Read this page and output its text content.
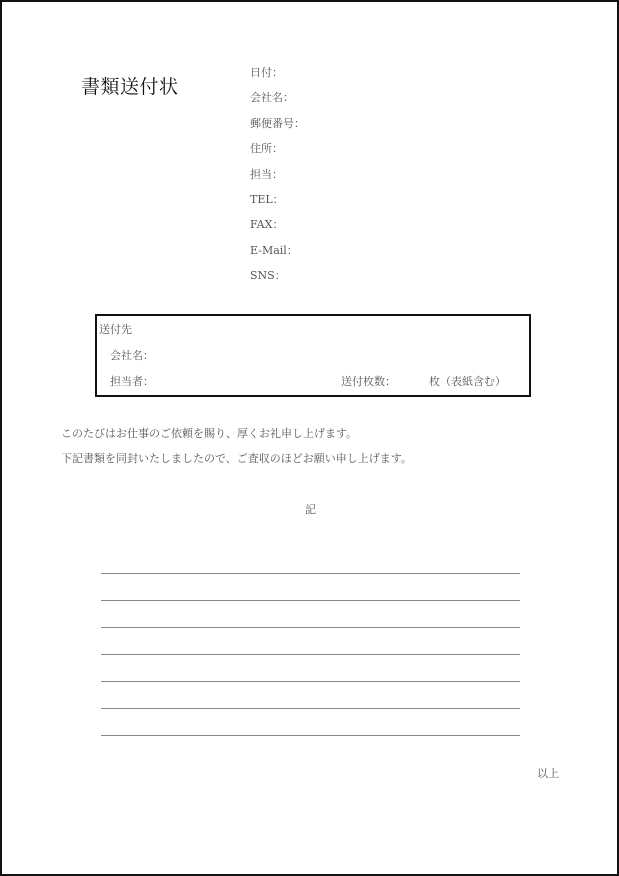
書類送付状
日付：
会社名：
郵便番号：
住所：
担当：
TEL：
FAX：
E-Mail：
SNS：
送付先
会社名：
担当者：	送付枚数：	枚（表紙含む）

このたびはお仕事のご依頼を賜り、厚くお礼申し上げます。

下記書類を同封いたしましたので、ご査収のほどお願い申し上げます。

記
以上
